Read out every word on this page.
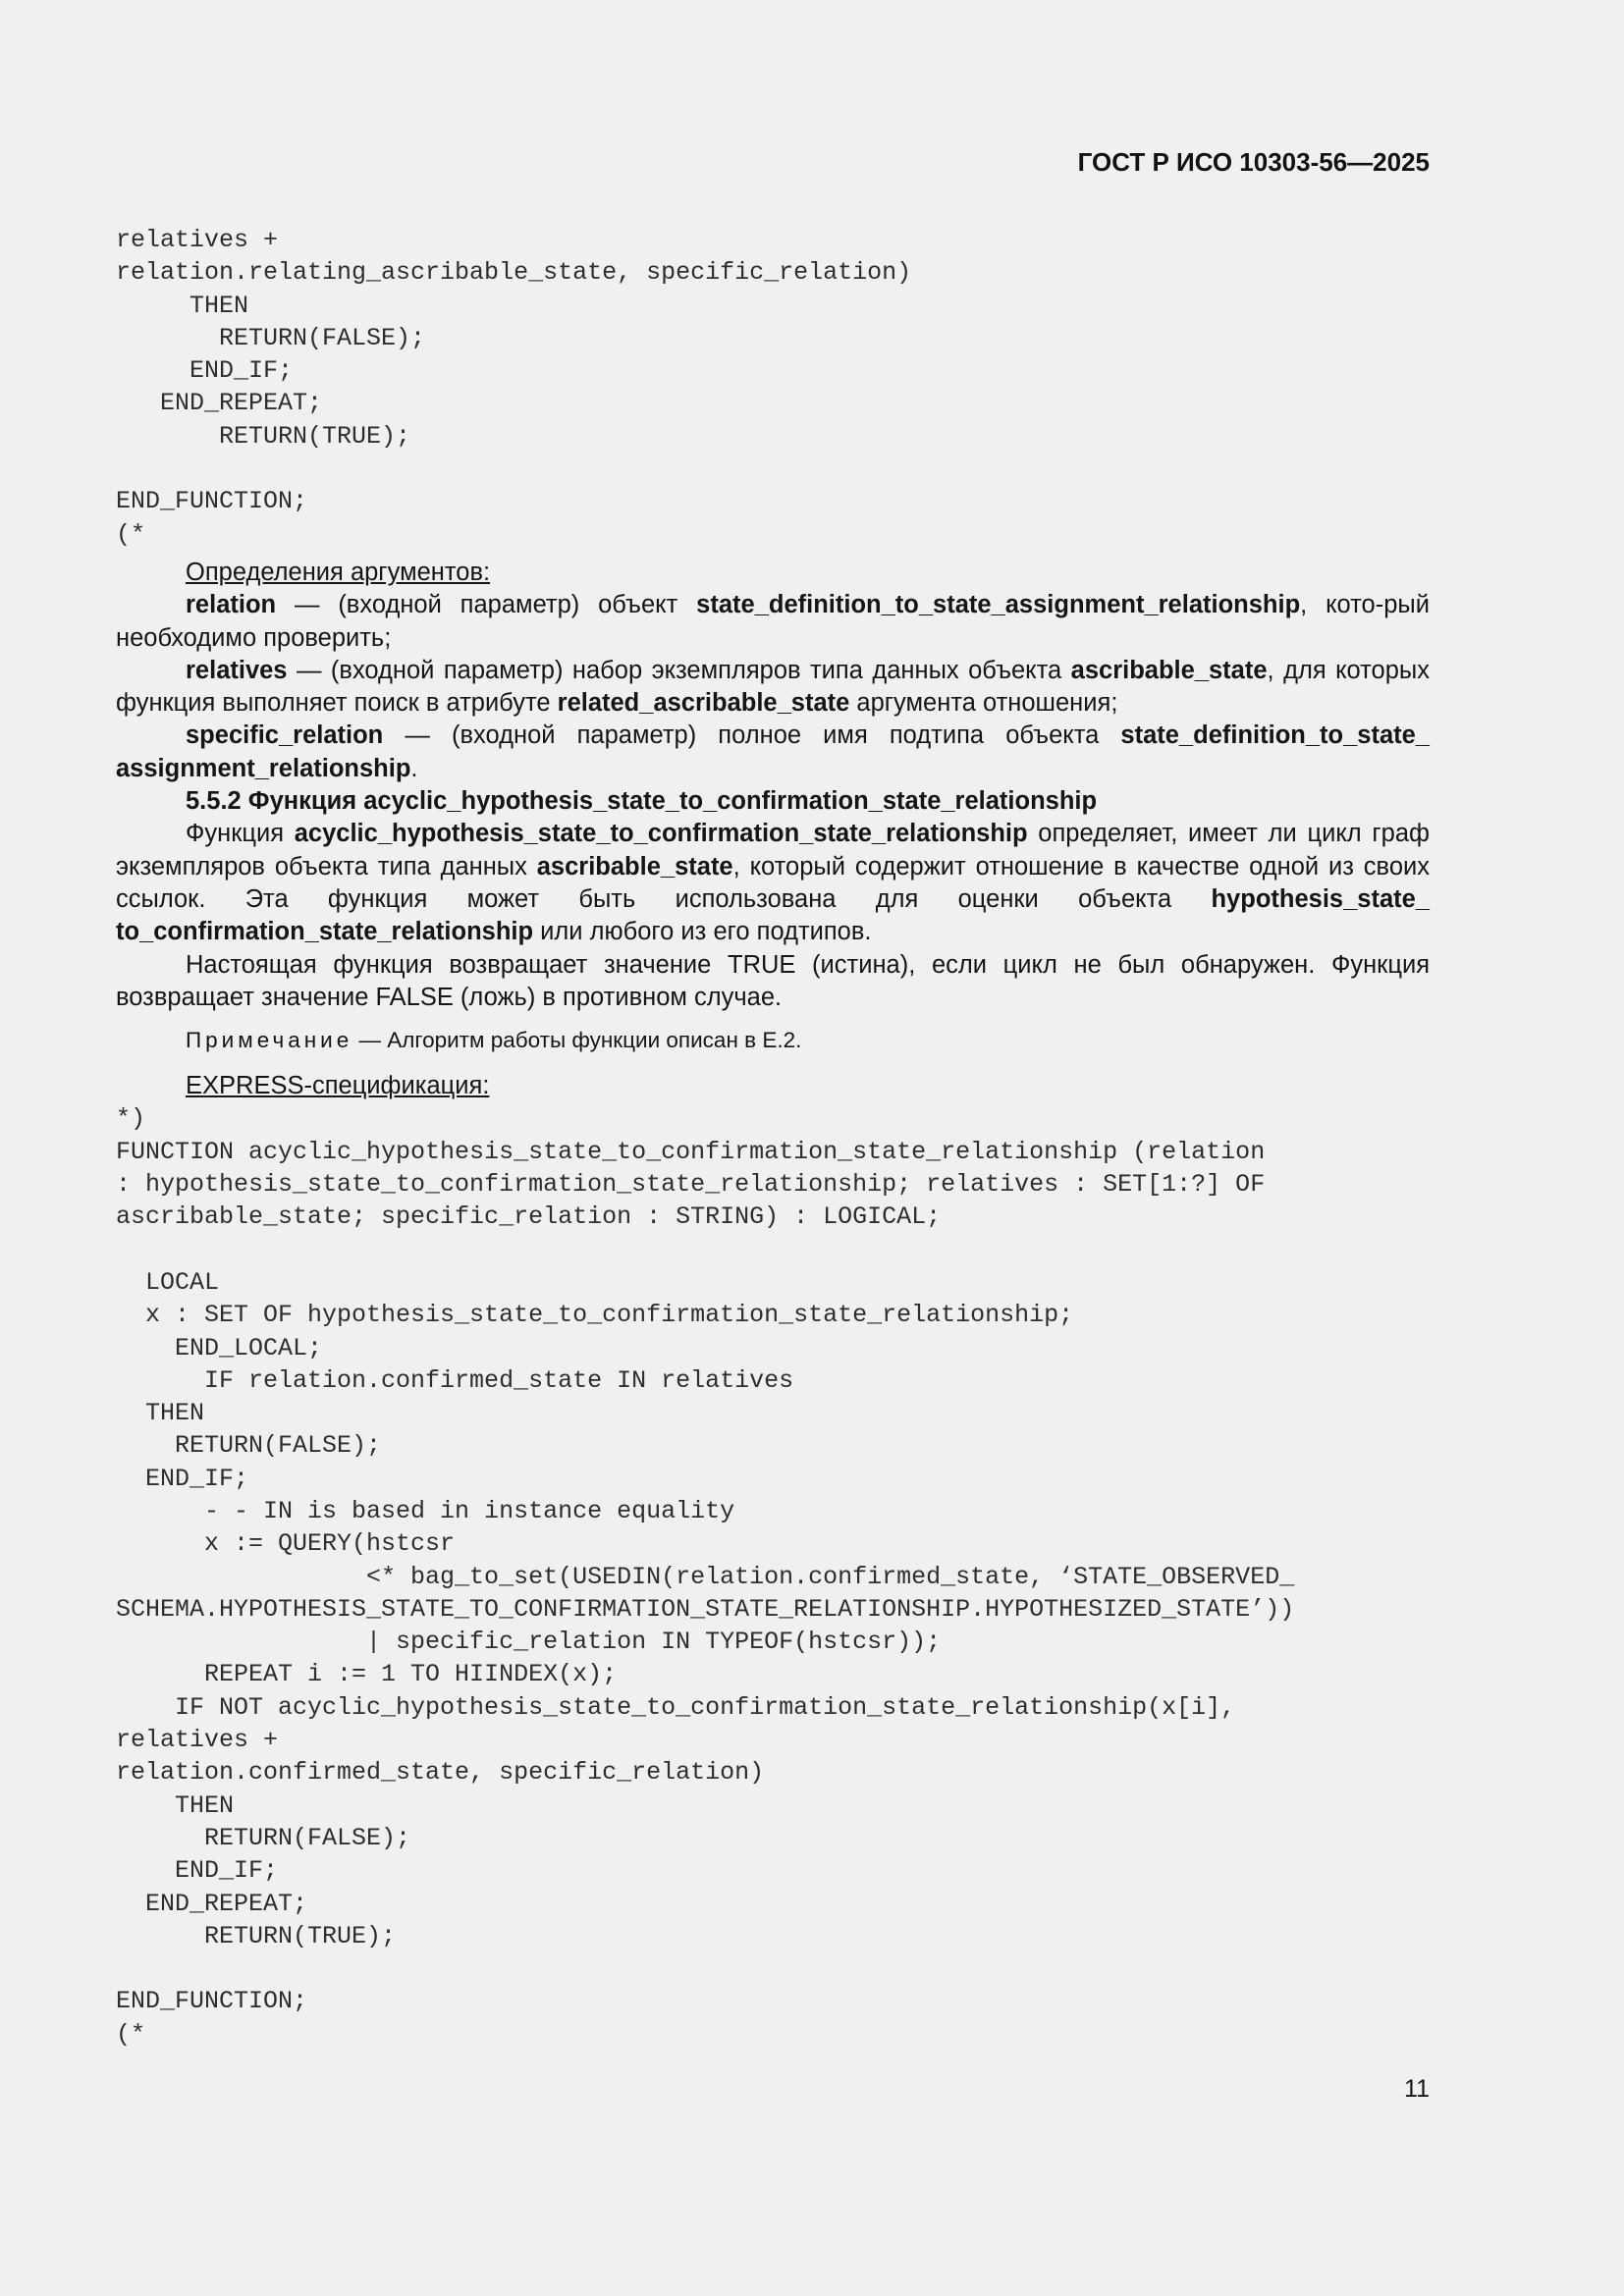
ГОСТ Р ИСО 10303-56—2025
relatives +
relation.relating_ascribable_state, specific_relation)
THEN
RETURN(FALSE);
END_IF;
END_REPEAT;
RETURN(TRUE);

END_FUNCTION;
(*

Определения аргументов:

relation — (входной параметр) объект state_definition_to_state_assignment_relationship, кото-рый необходимо проверить;

relatives — (входной параметр) набор экземпляров типа данных объекта ascribable_state, для которых функция выполняет поиск в атрибуте related_ascribable_state аргумента отношения;

specific_relation — (входной параметр) полное имя подтипа объекта state_definition_to_state_ assignment_relationship.

5.5.2 Функция acyclic_hypothesis_state_to_confirmation_state_relationship

Функция acyclic_hypothesis_state_to_confirmation_state_relationship определяет, имеет ли цикл граф экземпляров объекта типа данных ascribable_state, который содержит отношение в качестве одной из своих ссылок. Эта функция может быть использована для оценки объекта hypothesis_state_ to_confirmation_state_relationship или любого из его подтипов.

Настоящая функция возвращает значение TRUE (истина), если цикл не был обнаружен. Функция возвращает значение FALSE (ложь) в противном случае.

Примечание — Алгоритм работы функции описан в Е.2.

EXPRESS-спецификация:

*)
FUNCTION acyclic_hypothesis_state_to_confirmation_state_relationship (relation
: hypothesis_state_to_confirmation_state_relationship; relatives : SET[1:?] OF
ascribable_state; specific_relation : STRING) : LOGICAL;

LOCAL
x : SET OF hypothesis_state_to_confirmation_state_relationship;
END_LOCAL;
IF relation.confirmed_state IN relatives
THEN
RETURN(FALSE);
END_IF;
- - IN is based in instance equality
x := QUERY(hstcsr
<* bag_to_set(USEDIN(relation.confirmed_state, ‘STATE_OBSERVED_
SCHEMA.HYPOTHESIS_STATE_TO_CONFIRMATION_STATE_RELATIONSHIP.HYPOTHESIZED_STATE’))
| specific_relation IN TYPEOF(hstcsr));
REPEAT i := 1 TO HIINDEX(x);
IF NOT acyclic_hypothesis_state_to_confirmation_state_relationship(x[i],
relatives +
relation.confirmed_state, specific_relation)
THEN
RETURN(FALSE);
END_IF;
END_REPEAT;
RETURN(TRUE);

END_FUNCTION;
(*
11
